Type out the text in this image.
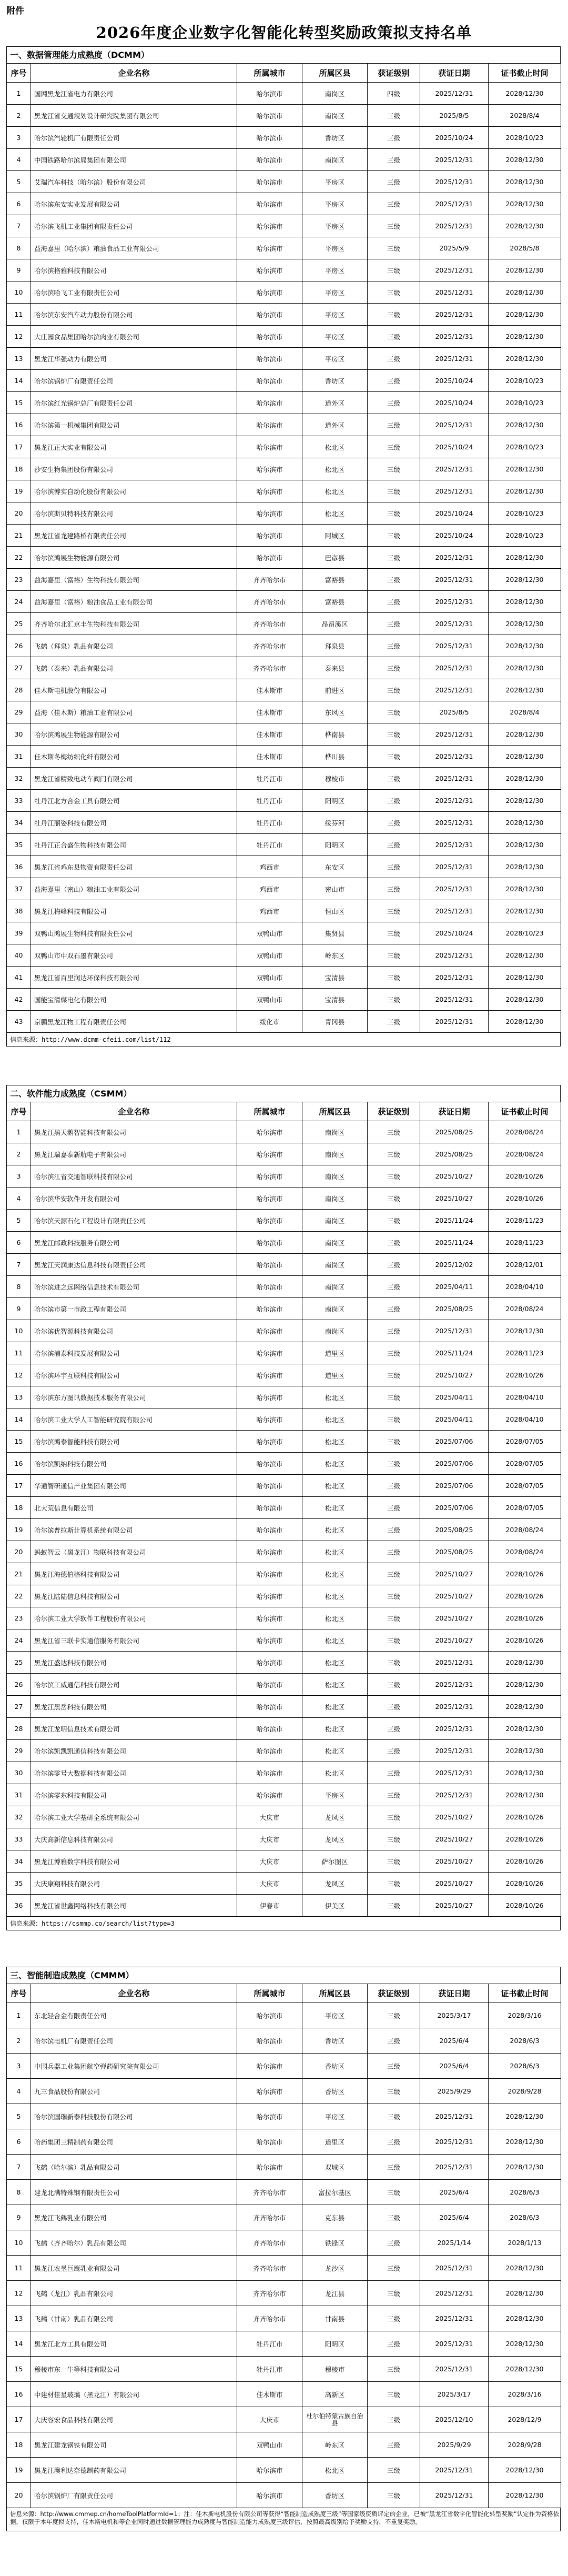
附件
2026年度企业数字化智能化转型奖励政策拟支持名单
一、数据管理能力成熟度（DCMM）
序号	企业名称	所属城市	所属区县	获证级别	获证日期	证书截止时间
1	国网黑龙江省电力有限公司	哈尔滨市	南岗区	四级	2025/12/31	2028/12/30
2	黑龙江省交通规划设计研究院集团有限公司	哈尔滨市	南岗区	三级	2025/8/5	2028/8/4
3	哈尔滨汽轮机厂有限责任公司	哈尔滨市	香坊区	三级	2025/10/24	2028/10/23
4	中国铁路哈尔滨局集团有限公司	哈尔滨市	南岗区	三级	2025/12/31	2028/12/30
5	艾瑞汽车科技（哈尔滨）股份有限公司	哈尔滨市	平房区	三级	2025/12/31	2028/12/30
6	哈尔滨东安实业发展有限公司	哈尔滨市	平房区	三级	2025/12/31	2028/12/30
7	哈尔滨飞机工业集团有限责任公司	哈尔滨市	平房区	三级	2025/12/31	2028/12/30
8	益海嘉里（哈尔滨）粮油食品工业有限公司	哈尔滨市	平房区	三级	2025/5/9	2028/5/8
9	哈尔滨格雅科技有限公司	哈尔滨市	平房区	三级	2025/12/31	2028/12/30
10	哈尔滨哈飞工业有限责任公司	哈尔滨市	平房区	三级	2025/12/31	2028/12/30
11	哈尔滨东安汽车动力股份有限公司	哈尔滨市	平房区	三级	2025/12/31	2028/12/30
12	大庄园食品集团哈尔滨肉业有限公司	哈尔滨市	平房区	三级	2025/12/31	2028/12/30
13	黑龙江华强动力有限公司	哈尔滨市	平房区	三级	2025/12/31	2028/12/30
14	哈尔滨锅炉厂有限责任公司	哈尔滨市	香坊区	三级	2025/10/24	2028/10/23
15	哈尔滨红光锅炉总厂有限责任公司	哈尔滨市	道外区	三级	2025/10/24	2028/10/23
16	哈尔滨第一机械集团有限公司	哈尔滨市	道外区	三级	2025/12/31	2028/12/30
17	黑龙江正大实业有限公司	哈尔滨市	松北区	三级	2025/10/24	2028/10/23
18	沙安生物集团股份有限公司	哈尔滨市	松北区	三级	2025/12/31	2028/12/30
19	哈尔滨博实自动化股份有限公司	哈尔滨市	松北区	三级	2025/12/31	2028/12/30
20	哈尔滨斯贝特科技有限公司	哈尔滨市	松北区	三级	2025/10/24	2028/10/23
21	黑龙江省龙建路桥有限责任公司	哈尔滨市	阿城区	三级	2025/10/24	2028/10/23
22	哈尔滨鸿展生物能源有限公司	哈尔滨市	巴彦县	三级	2025/12/31	2028/12/30
23	益海嘉里（富裕）生物科技有限公司	齐齐哈尔市	富裕县	三级	2025/12/31	2028/12/30
24	益海嘉里（富裕）粮油食品工业有限公司	齐齐哈尔市	富裕县	三级	2025/12/31	2028/12/30
25	齐齐哈尔北汇京丰生物科技有限公司	齐齐哈尔市	昂昂溪区	三级	2025/12/31	2028/12/30
26	飞鹤（拜泉）乳品有限公司	齐齐哈尔市	拜泉县	三级	2025/12/31	2028/12/30
27	飞鹤（泰来）乳品有限公司	齐齐哈尔市	泰来县	三级	2025/12/31	2028/12/30
28	佳木斯电机股份有限公司	佳木斯市	前进区	三级	2025/12/31	2028/12/30
29	益海（佳木斯）粮油工业有限公司	佳木斯市	东风区	三级	2025/8/5	2028/8/4
30	哈尔滨鸿展生物能源有限公司	佳木斯市	桦南县	三级	2025/12/31	2028/12/30
31	佳木斯冬梅纺织化纤有限公司	佳木斯市	桦川县	三级	2025/12/31	2028/12/30
32	黑龙江省精致电动车阀门有限公司	牡丹江市	穆棱市	三级	2025/12/31	2028/12/30
33	牡丹江北方合金工具有限公司	牡丹江市	阳明区	三级	2025/12/31	2028/12/30
34	牡丹江丽姿科技有限公司	牡丹江市	绥芬河	三级	2025/12/31	2028/12/30
35	牡丹江正合盛生物科技有限公司	牡丹江市	阳明区	三级	2025/12/31	2028/12/30
36	黑龙江省鸡东县物资有限责任公司	鸡西市	东安区	三级	2025/12/31	2028/12/30
37	益海嘉里（密山）粮油工业有限公司	鸡西市	密山市	三级	2025/12/31	2028/12/30
38	黑龙江梅峰科技有限公司	鸡西市	恒山区	三级	2025/12/31	2028/12/30
39	双鸭山鸿展生物科技有限责任公司	双鸭山市	集贤县	三级	2025/10/24	2028/10/23
40	双鸭山市中双石墨有限公司	双鸭山市	岭东区	三级	2025/12/31	2028/12/30
41	黑龙江省百里润达环保科技有限公司	双鸭山市	宝清县	三级	2025/12/31	2028/12/30
42	国能宝清煤电化有限公司	双鸭山市	宝清县	三级	2025/12/31	2028/12/30
43	京鹏黑龙江物工程有限责任公司	绥化市	青冈县	三级	2025/12/31	2028/12/30
信息来源：http://www.dcmm-cfeii.com/list/112
二、软件能力成熟度（CSMM）
序号	企业名称	所属城市	所属区县	获证级别	获证日期	证书截止时间
1	黑龙江黑天鹅智能科技有限公司	哈尔滨市	南岗区	三级	2025/08/25	2028/08/24
2	黑龙江瑞嘉泰新航电子有限公司	哈尔滨市	南岗区	三级	2025/08/25	2028/08/24
3	哈尔滨江省交通智联科技有限公司	哈尔滨市	南岗区	三级	2025/10/27	2028/10/26
4	哈尔滨华安软件开发有限公司	哈尔滨市	南岗区	三级	2025/10/27	2028/10/26
5	哈尔滨天源石化工程设计有限责任公司	哈尔滨市	南岗区	三级	2025/11/24	2028/11/23
6	黑龙江邮政科技服务有限公司	哈尔滨市	南岗区	三级	2025/11/24	2028/11/23
7	黑龙江天润康达信息科技有限责任公司	哈尔滨市	南岗区	三级	2025/12/02	2028/12/01
8	哈尔滨进之远网络信息技术有限公司	哈尔滨市	南岗区	三级	2025/04/11	2028/04/10
9	哈尔滨市第一市政工程有限公司	哈尔滨市	南岗区	三级	2025/08/25	2028/08/24
10	哈尔滨优智源科技有限公司	哈尔滨市	南岗区	三级	2025/12/31	2028/12/30
11	哈尔滨浦泰科技发展有限公司	哈尔滨市	道里区	三级	2025/11/24	2028/11/23
12	哈尔滨环宇互联科技有限公司	哈尔滨市	道里区	三级	2025/10/27	2028/10/26
13	哈尔滨东方图讯数据技术服务有限公司	哈尔滨市	松北区	三级	2025/04/11	2028/04/10
14	哈尔滨工业大学人工智能研究院有限公司	哈尔滨市	松北区	三级	2025/04/11	2028/04/10
15	哈尔滨鸿泰智能科技有限公司	哈尔滨市	松北区	三级	2025/07/06	2028/07/05
16	哈尔滨凯纳科技有限公司	哈尔滨市	松北区	三级	2025/07/06	2028/07/05
17	华通智研通信产业集团有限公司	哈尔滨市	松北区	三级	2025/07/06	2028/07/05
18	北大荒信息有限公司	哈尔滨市	松北区	三级	2025/07/06	2028/07/05
19	哈尔滨普拉斯计算机系统有限公司	哈尔滨市	松北区	三级	2025/08/25	2028/08/24
20	蚂蚁智云（黑龙江）物联科技有限公司	哈尔滨市	松北区	三级	2025/08/25	2028/08/24
21	黑龙江海德伯格科技有限公司	哈尔滨市	松北区	三级	2025/10/27	2028/10/26
22	黑龙江陆陆信息科技有限公司	哈尔滨市	松北区	三级	2025/10/27	2028/10/26
23	哈尔滨工业大学软件工程股份有限公司	哈尔滨市	松北区	三级	2025/10/27	2028/10/26
24	黑龙江省三联卡实通信服务有限公司	哈尔滨市	松北区	三级	2025/10/27	2028/10/26
25	黑龙江盛达科技有限公司	哈尔滨市	松北区	三级	2025/12/31	2028/12/30
26	哈尔滨工威通信科技有限公司	哈尔滨市	松北区	三级	2025/12/31	2028/12/30
27	黑龙江黑岳科技有限公司	哈尔滨市	松北区	三级	2025/12/31	2028/12/30
28	黑龙江龙明信息技术有限公司	哈尔滨市	松北区	三级	2025/12/31	2028/12/30
29	哈尔滨凯凯凯通信科技有限公司	哈尔滨市	松北区	三级	2025/12/31	2028/12/30
30	哈尔滨零号大数据科技有限公司	哈尔滨市	松北区	三级	2025/12/31	2028/12/30
31	哈尔滨零东科技有限公司	哈尔滨市	平房区	三级	2025/12/31	2028/12/30
32	哈尔滨工业大学基研全系统有限公司	大庆市	龙凤区	三级	2025/10/27	2028/10/26
33	大庆高新信息科技有限公司	大庆市	龙凤区	三级	2025/10/27	2028/10/26
34	黑龙江博雅数字科技有限公司	大庆市	萨尔图区	三级	2025/10/27	2028/10/26
35	大庆康翔科技有限公司	大庆市	龙凤区	三级	2025/10/27	2028/10/26
36	黑龙江省世鑫网络科技有限公司	伊春市	伊美区	三级	2025/10/27	2028/10/26
信息来源：https://csmmp.co/search/list?type=3
三、智能制造成熟度（CMMM）
序号	企业名称	所属城市	所属区县	获证级别	获证日期	证书截止时间
1	东北轻合金有限责任公司	哈尔滨市	平房区	三级	2025/3/17	2028/3/16
2	哈尔滨电机厂有限责任公司	哈尔滨市	香坊区	三级	2025/6/4	2028/6/3
3	中国兵器工业集团航空弹药研究院有限公司	哈尔滨市	香坊区	三级	2025/6/4	2028/6/3
4	九三食品股份有限公司	哈尔滨市	香坊区	三级	2025/9/29	2028/9/28
5	哈尔滨国瑞新泰科技股份有限公司	哈尔滨市	平房区	三级	2025/12/31	2028/12/30
6	哈药集团三精制药有限公司	哈尔滨市	道里区	三级	2025/12/31	2028/12/30
7	飞鹤（哈尔滨）乳品有限公司	哈尔滨市	双城区	三级	2025/12/31	2028/12/30
8	建龙北满特殊钢有限责任公司	齐齐哈尔市	富拉尔基区	三级	2025/6/4	2028/6/3
9	黑龙江飞鹤乳业有限公司	齐齐哈尔市	克东县	三级	2025/6/4	2028/6/3
10	飞鹤（齐齐哈尔）乳品有限公司	齐齐哈尔市	铁锋区	三级	2025/1/14	2028/1/13
11	黑龙江农垦巨鹰乳业有限公司	齐齐哈尔市	龙沙区	三级	2025/12/31	2028/12/30
12	飞鹤（龙江）乳品有限公司	齐齐哈尔市	龙江县	三级	2025/12/31	2028/12/30
13	飞鹤（甘南）乳品有限公司	齐齐哈尔市	甘南县	三级	2025/12/31	2028/12/30
14	黑龙江北方工具有限公司	牡丹江市	阳明区	三级	2025/12/31	2028/12/30
15	穆棱市东一牛等科技有限公司	牡丹江市	穆棱市	三级	2025/12/31	2028/12/30
16	中建材佳星玻璃（黑龙江）有限公司	佳木斯市	高新区	三级	2025/3/17	2028/3/16
17	大庆容宏食品科技有限公司	大庆市	杜尔伯特蒙古族自治县	三级	2025/12/10	2028/12/9
18	黑龙江建龙钢铁有限公司	双鸭山市	岭东区	三级	2025/9/29	2028/9/28
19	黑龙江澳利达奈德制药有限公司	哈尔滨市	松北区	三级	2025/12/31	2028/12/30
20	哈尔滨锅炉厂有限责任公司	哈尔滨市	香坊区	三级	2025/12/31	2028/12/30
信息来源：http://www.cmmep.cn/homeToolPlatformId=1；注：佳木斯电机股份有限公司等获得“智能制造成熟度三级”等国家级资质评定的企业，已被“黑龙江省数字化智能化转型奖励”认定作为资格依据，仅限于本年度拟支持，佳木斯电机和等企业同时通过数据管理能力成熟度与智能制造能力成熟度三级评估，按照最高级别给予奖励支持，不重复奖励。
